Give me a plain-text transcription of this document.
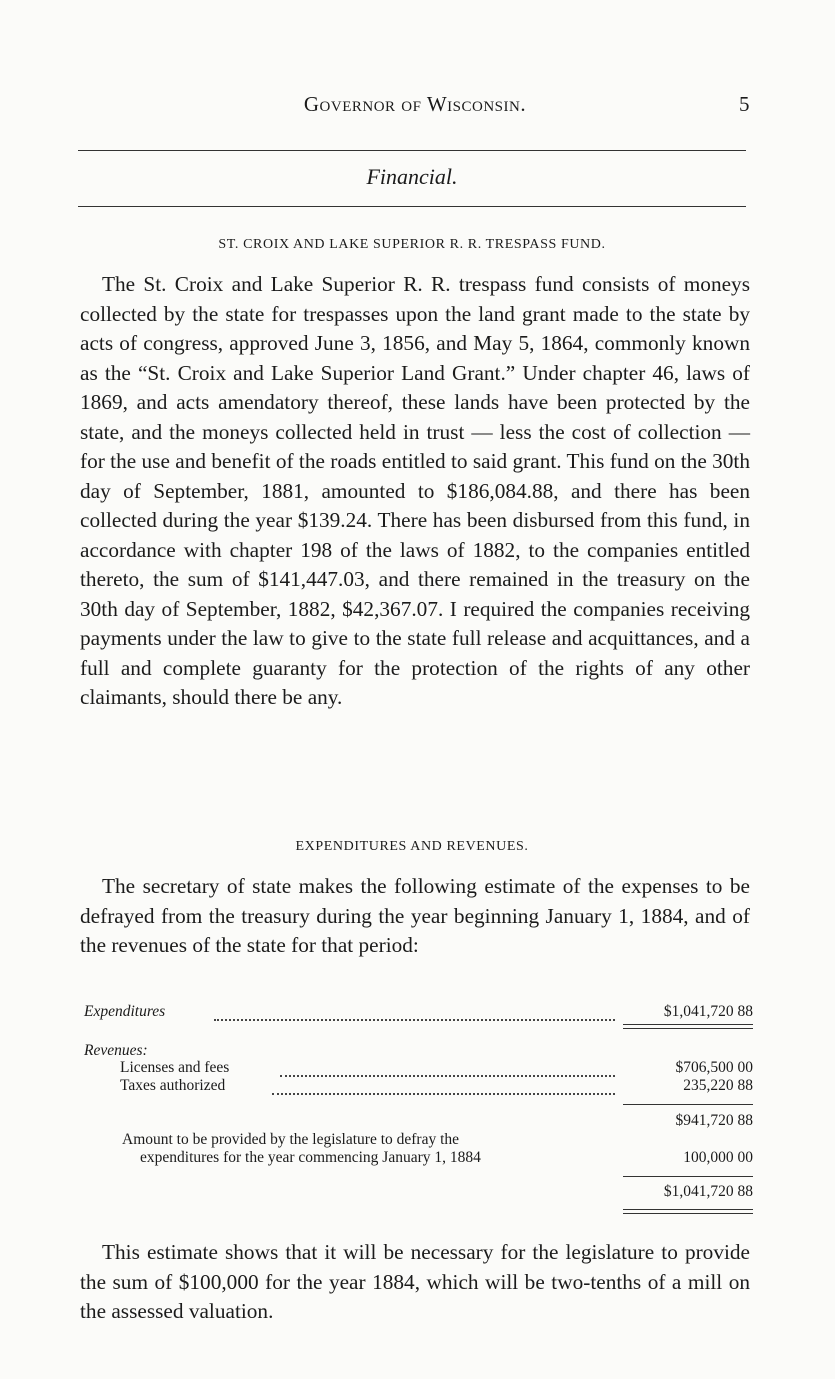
Governor of Wisconsin.	5
Financial.
ST. CROIX AND LAKE SUPERIOR R. R. TRESPASS FUND.

The St. Croix and Lake Superior R. R. trespass fund consists of moneys collected by the state for trespasses upon the land grant made to the state by acts of congress, approved June 3, 1856, and May 5, 1864, commonly known as the “St. Croix and Lake Superior Land Grant.” Under chapter 46, laws of 1869, and acts amendatory thereof, these lands have been protected by the state, and the moneys collected held in trust — less the cost of collection — for the use and benefit of the roads entitled to said grant. This fund on the 30th day of September, 1881, amounted to $186,084.88, and there has been collected during the year $139.24. There has been disbursed from this fund, in accordance with chapter 198 of the laws of 1882, to the companies entitled thereto, the sum of $141,447.03, and there remained in the treasury on the 30th day of September, 1882, $42,367.07. I required the companies receiving payments under the law to give to the state full release and acquittances, and a full and complete guaranty for the protection of the rights of any other claimants, should there be any.

EXPENDITURES AND REVENUES.

The secretary of state makes the following estimate of the expenses to be defrayed from the treasury during the year beginning January 1, 1884, and of the revenues of the state for that period:

Expenditures	$1,041,720 88
Revenues:
Licenses and fees	$706,500 00
Taxes authorized	235,220 88
$941,720 88
Amount to be provided by the legislature to defray the
expenditures for the year commencing January 1, 1884	100,000 00
$1,041,720 88

This estimate shows that it will be necessary for the legislature to provide the sum of $100,000 for the year 1884, which will be two-tenths of a mill on the assessed valuation.
